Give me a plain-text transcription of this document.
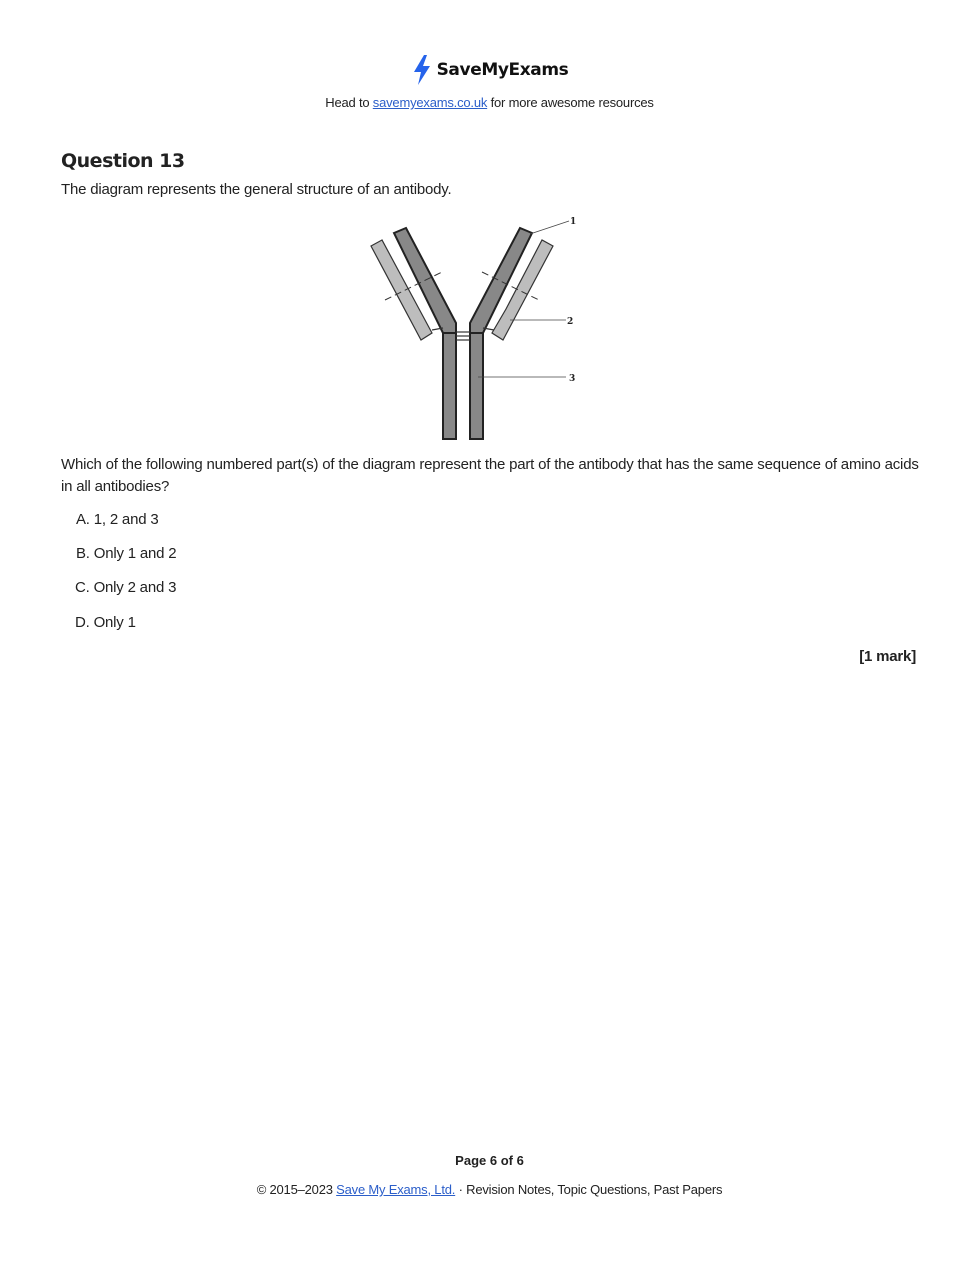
SaveMyExams
Head to savemyexams.co.uk for more awesome resources
Question 13
The diagram represents the general structure of an antibody.
1
2
3
Which of the following numbered part(s) of the diagram represent the part of the antibody that has the same sequence of amino acids in all antibodies?
A. 1, 2 and 3
B. Only 1 and 2
C. Only 2 and 3
D. Only 1
[1 mark]
Page 6 of 6
© 2015–2023 Save My Exams, Ltd. · Revision Notes, Topic Questions, Past Papers
